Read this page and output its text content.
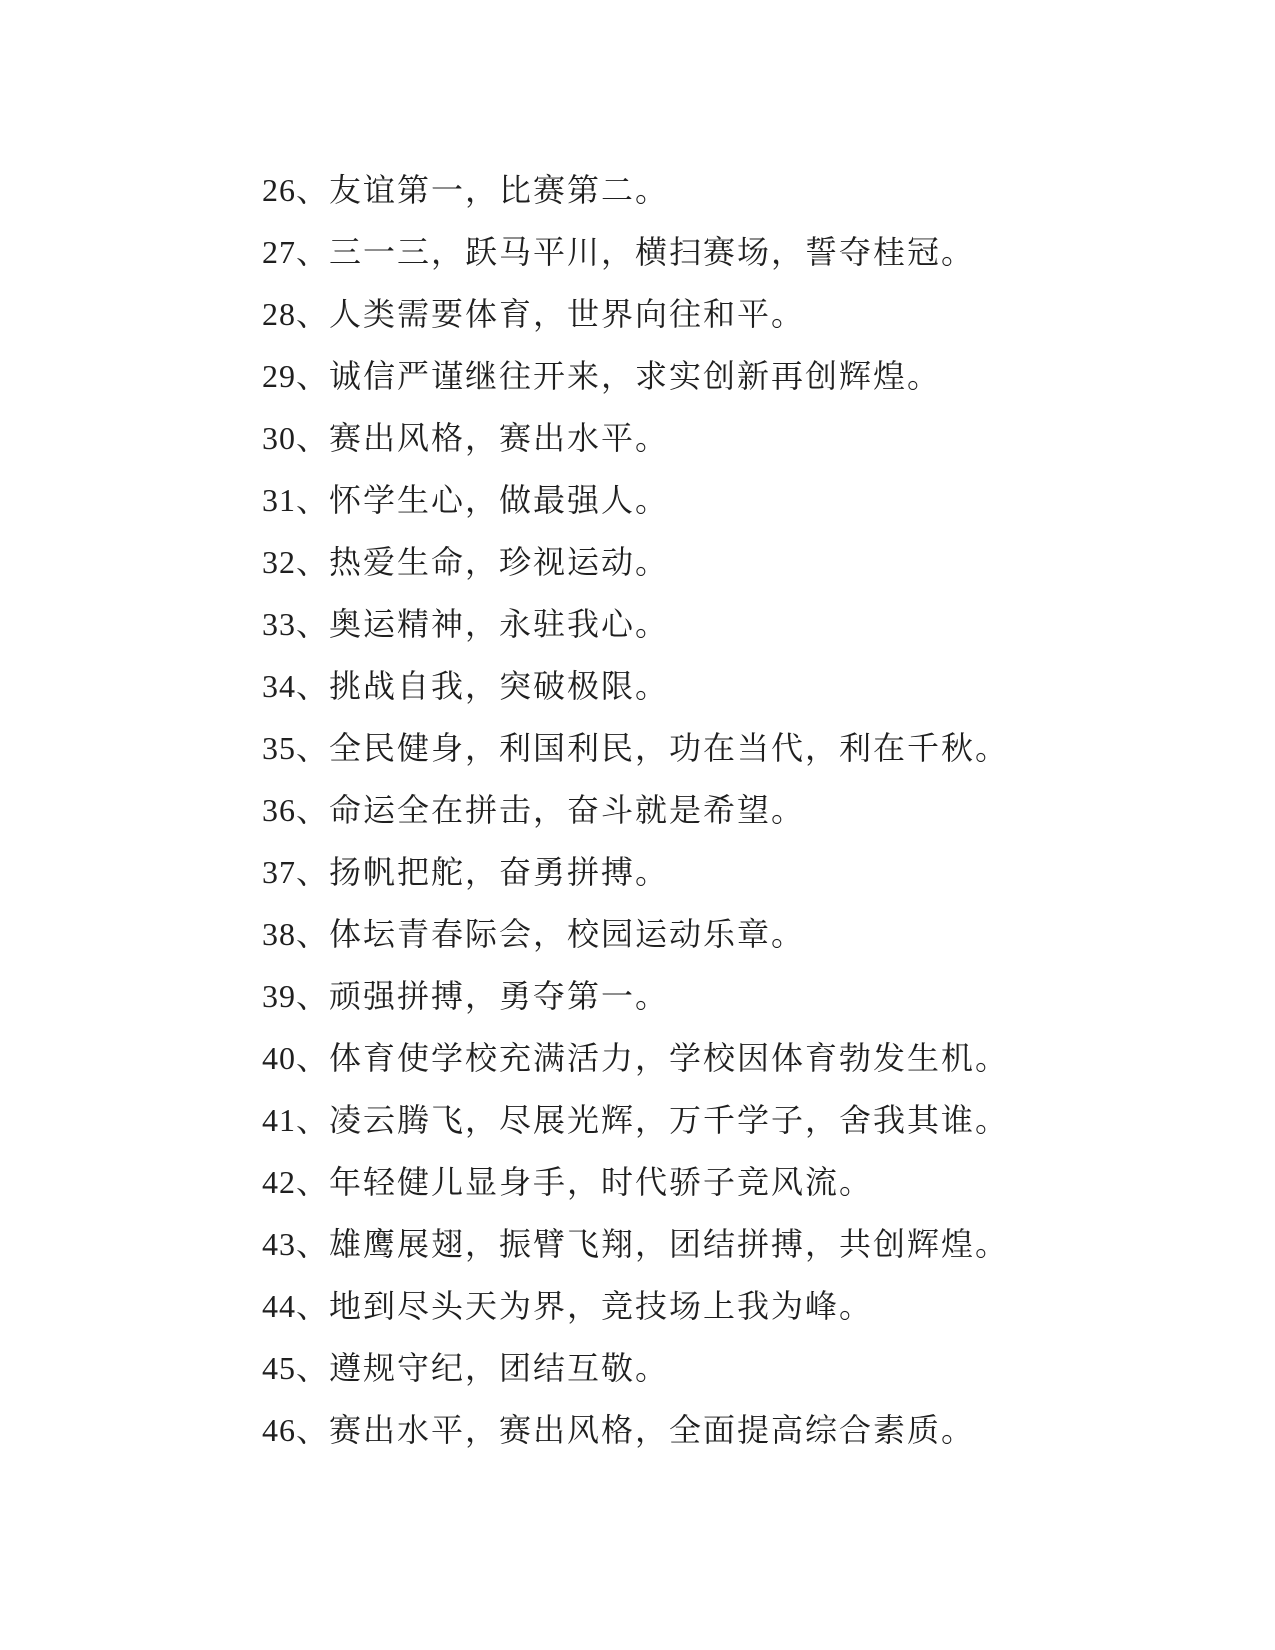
26、友谊第一，比赛第二。

27、三一三，跃马平川，横扫赛场，誓夺桂冠。

28、人类需要体育，世界向往和平。

29、诚信严谨继往开来，求实创新再创辉煌。

30、赛出风格，赛出水平。

31、怀学生心，做最强人。

32、热爱生命，珍视运动。

33、奥运精神，永驻我心。

34、挑战自我，突破极限。

35、全民健身，利国利民，功在当代，利在千秋。

36、命运全在拼击，奋斗就是希望。

37、扬帆把舵，奋勇拼搏。

38、体坛青春际会，校园运动乐章。

39、顽强拼搏，勇夺第一。

40、体育使学校充满活力，学校因体育勃发生机。

41、凌云腾飞，尽展光辉，万千学子，舍我其谁。

42、年轻健儿显身手，时代骄子竞风流。

43、雄鹰展翅，振臂飞翔，团结拼搏，共创辉煌。

44、地到尽头天为界，竞技场上我为峰。

45、遵规守纪，团结互敬。

46、赛出水平，赛出风格，全面提高综合素质。
